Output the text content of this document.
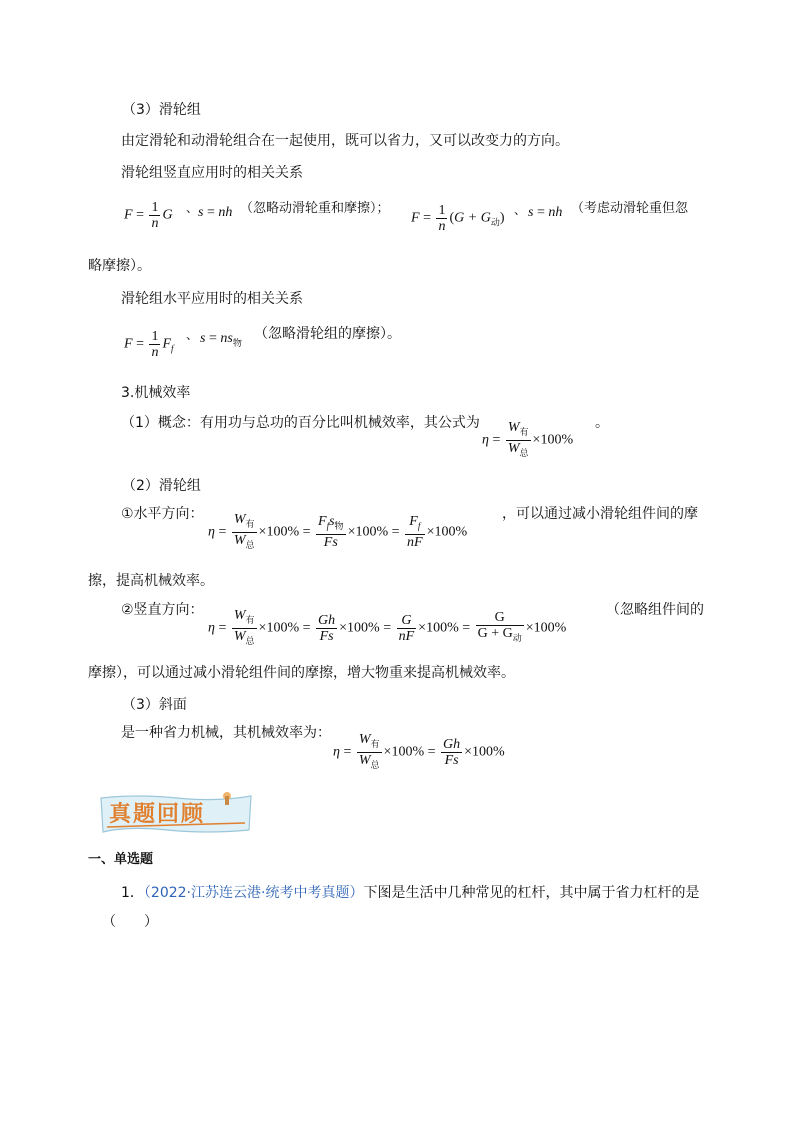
（3）滑轮组
由定滑轮和动滑轮组合在一起使用，既可以省力，又可以改变力的方向。
滑轮组竖直应用时的相关关系
$F = \frac{1}{n}$ G 、 s = nh （忽略动滑轮重和摩擦）；
$F = \frac{1}{n} (G + G_动)$
、 s = nh （考虑动滑轮重但忽
略摩擦）。
滑轮组水平应用时的相关关系
$F = \frac{1}{n} F_f$
、 $s = ns_物$
（忽略滑轮组的摩擦）。
3.机械效率
（1）概念：有用功与总功的百分比叫机械效率，其公式为
$\eta = \frac{W_有}{W_总} \times 100\%$
。
（2）滑轮组
①水平方向：
$\eta = \frac{W_有}{W_总} \times 100\% = \frac{F_fs_物}{Fs} \times 100\% = \frac{F_f}{nF} \times 100\%$
，可以通过减小滑轮组件间的摩
擦，提高机械效率。
②竖直方向：
$\eta = \frac{W_有}{W_总} \times 100\% = \frac{Gh}{Fs} \times 100\% = \frac{G}{nF} \times 100\% = \frac{G}{G + G_动} \times 100\%$
（忽略组件间的
摩擦），可以通过减小滑轮组件间的摩擦，增大物重来提高机械效率。
（3）斜面
是一种省力机械，其机械效率为：
$\eta = \frac{W_有}{W_总} \times 100\% = \frac{Gh}{Fs} \times 100\%$
真题回顾
一、单选题
1．（2022·江苏连云港·统考中考真题）下图是生活中几种常见的杠杆，其中属于省力杠杆的是
（　　）
